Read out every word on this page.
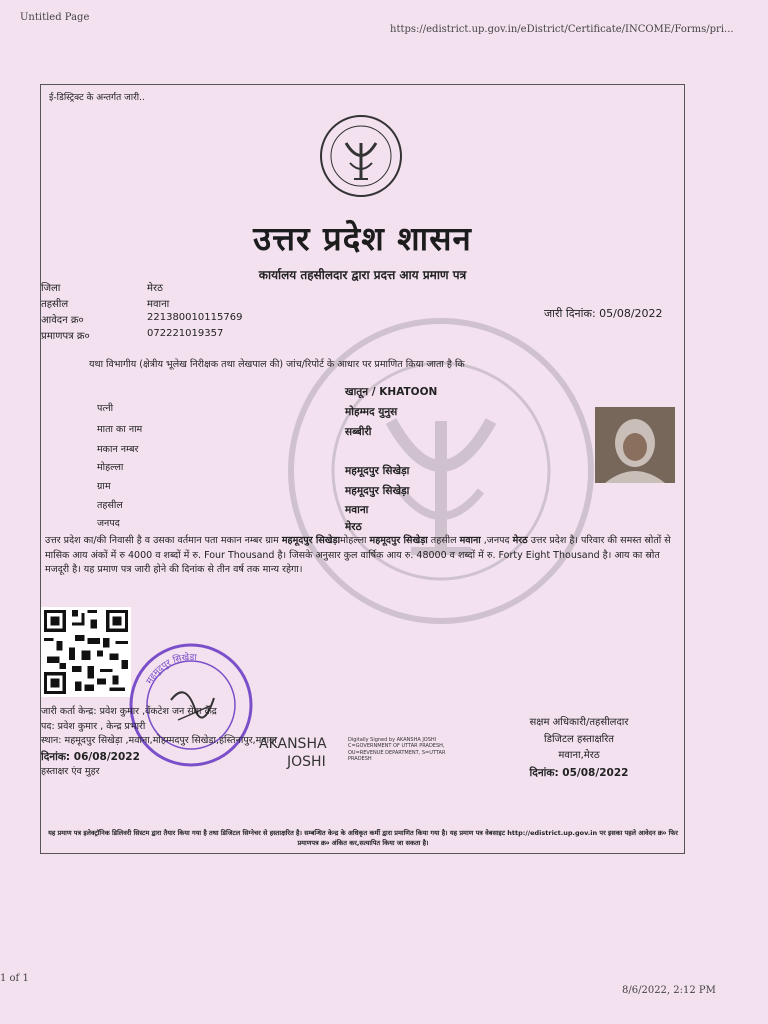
Untitled Page
https://edistrict.up.gov.in/eDistrict/Certificate/INCOME/Forms/pri...
ई-डिस्ट्रिक्ट के अन्तर्गत जारी..
उत्तर प्रदेश शासन
कार्यालय तहसीलदार द्वारा प्रदत्त आय प्रमाण पत्र
जिला	मेरठ
तहसील	मवाना
आवेदन क्र०	221380010115769
प्रमाणपत्र क्र०	072221019357
जारी दिनांक: 05/08/2022
यथा विभागीय (क्षेत्रीय भूलेख निरीक्षक तथा लेखपाल की) जांच/रिपोर्ट के आधार पर प्रमाणित किया जाता है कि
खातून / KHATOON
पत्नी	मोहम्मद युनुस
माता का नाम	सब्बीरी
मकान नम्बर
मोहल्ला	महमूदपुर सिखेड़ा
ग्राम	महमूदपुर सिखेड़ा
तहसील	मवाना
जनपद	मेरठ
उत्तर प्रदेश का/की निवासी है व उसका वर्तमान पता मकान नम्बर ग्राम महमूदपुर सिखेड़ामोहल्ला महमूदपुर सिखेड़ा तहसील मवाना ,जनपद मेरठ उत्तर प्रदेश है। परिवार की समस्त स्रोतों से मासिक आय अंकों में रु 4000 व शब्दों में रु. Four Thousand है। जिसके अनुसार कुल वार्षिक आय रु. 48000 व शब्दों में रु. Forty Eight Thousand है। आय का स्रोत मजदूरी है। यह प्रमाण पत्र जारी होने की दिनांक से तीन वर्ष तक मान्य रहेगा।
महमूदपुर सिखेड़ा
जारी कर्ता केन्द्र: प्रवेश कुमार ,वेंकटेश जन सेवा केंद्र
पद: प्रवेश कुमार , केन्द्र प्रभारी
स्थान: महमूदपुर सिखेड़ा ,मवाना,मोहम्मदपुर सिखेड़ा,हस्तिनापुर,मवाना
दिनांक: 06/08/2022
हस्ताक्षर एंव मुहर
AKANSHA
JOSHI
Digitally Signed by AKANSHA JOSHI C=GOVERNMENT OF UTTAR PRADESH, OU=REVENUE DEPARTMENT, S=UTTAR PRADESH
सक्षम अधिकारी/तहसीलदार
डिजिटल हस्ताक्षरित
मवाना,मेरठ
दिनांक: 05/08/2022
यह प्रमाण पत्र इलेक्ट्रॉनिक डिलिवरी सिस्टम द्वारा तैयार किया गया है तथा डिजिटल सिग्नेचर से हस्ताक्षरित है। सम्बन्धित केन्द्र के अधिकृत कर्मी द्वारा प्रमाणित किया गया है। यह प्रमाण पत्र वेबसाइट http://edistrict.up.gov.in पर इसका पहले आवेदन क्र० फिर प्रमाणपत्र क्र० अंकित कर,सत्यापित किया जा सकता है।
1 of 1
8/6/2022, 2:12 PM
